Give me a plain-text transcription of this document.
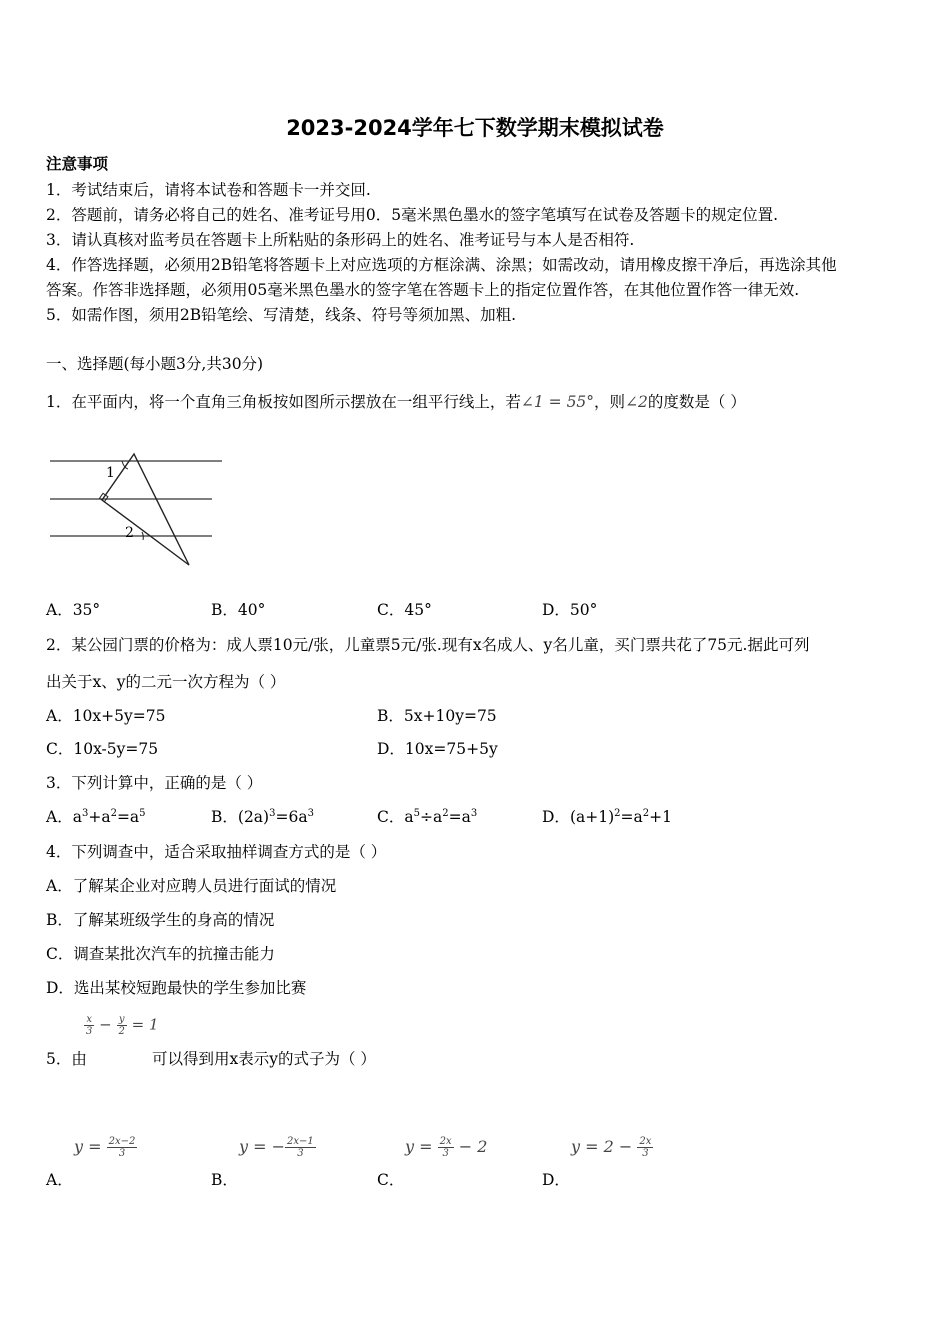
2023-2024学年七下数学期末模拟试卷
注意事项
1．考试结束后，请将本试卷和答题卡一并交回.
2．答题前，请务必将自己的姓名、准考证号用0．5毫米黑色墨水的签字笔填写在试卷及答题卡的规定位置.
3．请认真核对监考员在答题卡上所粘贴的条形码上的姓名、准考证号与本人是否相符.
4．作答选择题，必须用2B铅笔将答题卡上对应选项的方框涂满、涂黑；如需改动，请用橡皮擦干净后，再选涂其他
答案。作答非选择题，必须用05毫米黑色墨水的签字笔在答题卡上的指定位置作答，在其他位置作答一律无效.
5．如需作图，须用2B铅笔绘、写清楚，线条、符号等须加黑、加粗.
一、选择题(每小题3分,共30分)
1．在平面内，将一个直角三角板按如图所示摆放在一组平行线上，若∠1 = 55°，则∠2的度数是（ ）
1
2
A．35°	B．40°	C．45°	D．50°
2．某公园门票的价格为：成人票10元/张，儿童票5元/张.现有x名成人、y名儿童，买门票共花了75元.据此可列
出关于x、y的二元一次方程为（ ）
A．10x+5y=75	B．5x+10y=75
C．10x-5y=75	D．10x=75+5y
3．下列计算中，正确的是（ ）
A．$a^3+a^2=a^5$	B．$(2a)^3=6a^3$	C．$a^5\div a^2=a^3$	D．$(a+1)^2=a^2+1$
4．下列调查中，适合采取抽样调查方式的是（ ）
A．了解某企业对应聘人员进行面试的情况
B．了解某班级学生的身高的情况
C．调查某批次汽车的抗撞击能力
D．选出某校短跑最快的学生参加比赛
$\frac{x}{3} - \frac{y}{2} = 1$
5．由	可以得到用x表示y的式子为（ ）
$y = \frac{2x-2}{3}$	y = − $\frac{2x-1}{3}$	$y = \frac{2x}{3} - 2$	$y = 2 - \frac{2x}{3}$
A．	B．	C．	D．
